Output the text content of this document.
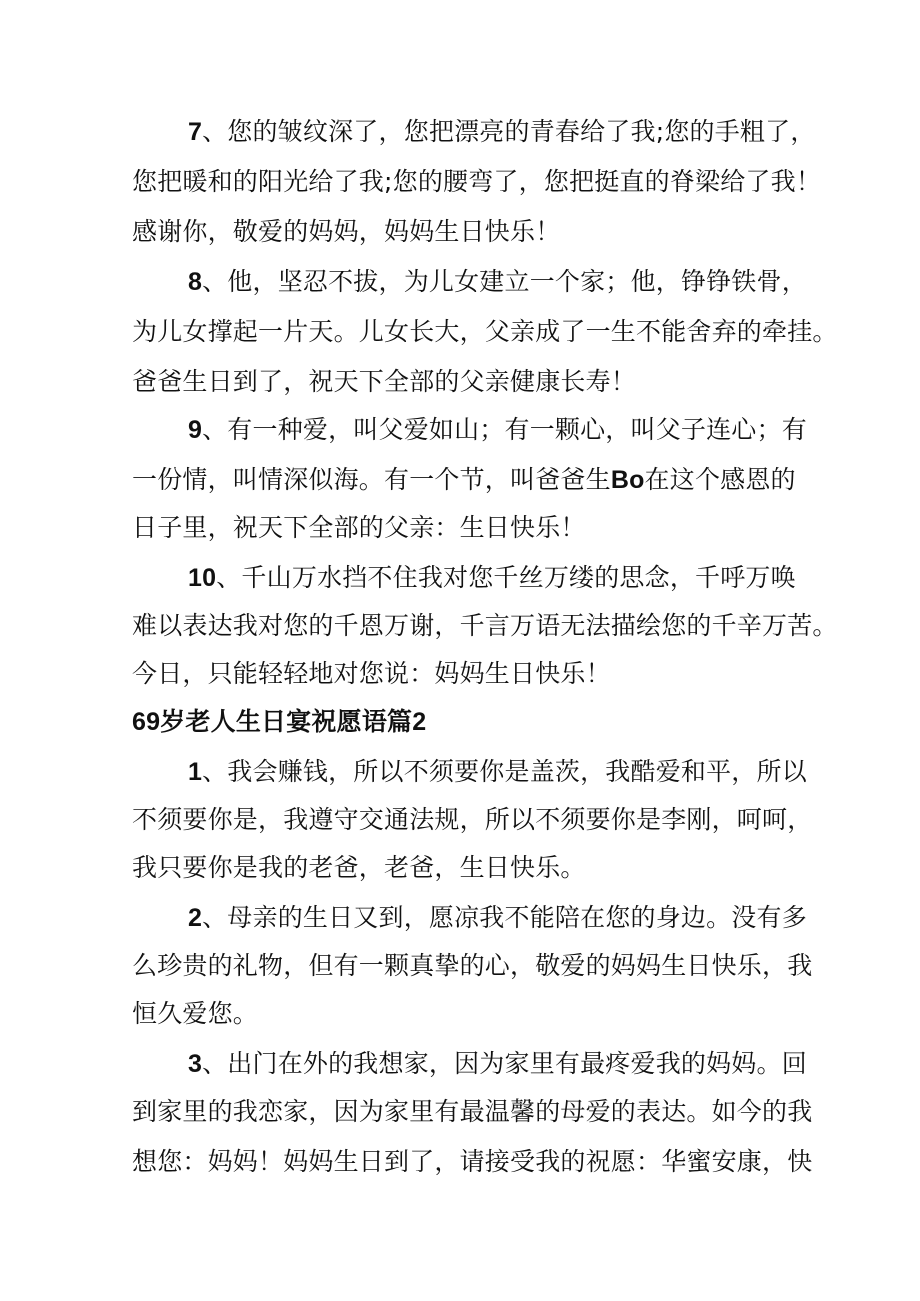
7、您的皱纹深了，您把漂亮的青春给了我;您的手粗了，
您把暖和的阳光给了我;您的腰弯了，您把挺直的脊梁给了我！
感谢你，敬爱的妈妈，妈妈生日快乐！
8、他，坚忍不拔，为儿女建立一个家；他，铮铮铁骨，
为儿女撑起一片天。儿女长大，父亲成了一生不能舍弃的牵挂。
爸爸生日到了，祝天下全部的父亲健康长寿！
9、有一种爱，叫父爱如山；有一颗心，叫父子连心；有
一份情，叫情深似海。有一个节，叫爸爸生Bo在这个感恩的
日子里，祝天下全部的父亲：生日快乐！
10、千山万水挡不住我对您千丝万缕的思念，千呼万唤
难以表达我对您的千恩万谢，千言万语无法描绘您的千辛万苦。
今日，只能轻轻地对您说：妈妈生日快乐！
69岁老人生日宴祝愿语篇2
1、我会赚钱，所以不须要你是盖茨，我酷爱和平，所以
不须要你是，我遵守交通法规，所以不须要你是李刚，呵呵，
我只要你是我的老爸，老爸，生日快乐。
2、母亲的生日又到，愿凉我不能陪在您的身边。没有多
么珍贵的礼物，但有一颗真挚的心，敬爱的妈妈生日快乐，我
恒久爱您。
3、出门在外的我想家，因为家里有最疼爱我的妈妈。回
到家里的我恋家，因为家里有最温馨的母爱的表达。如今的我
想您：妈妈！妈妈生日到了，请接受我的祝愿：华蜜安康，快
